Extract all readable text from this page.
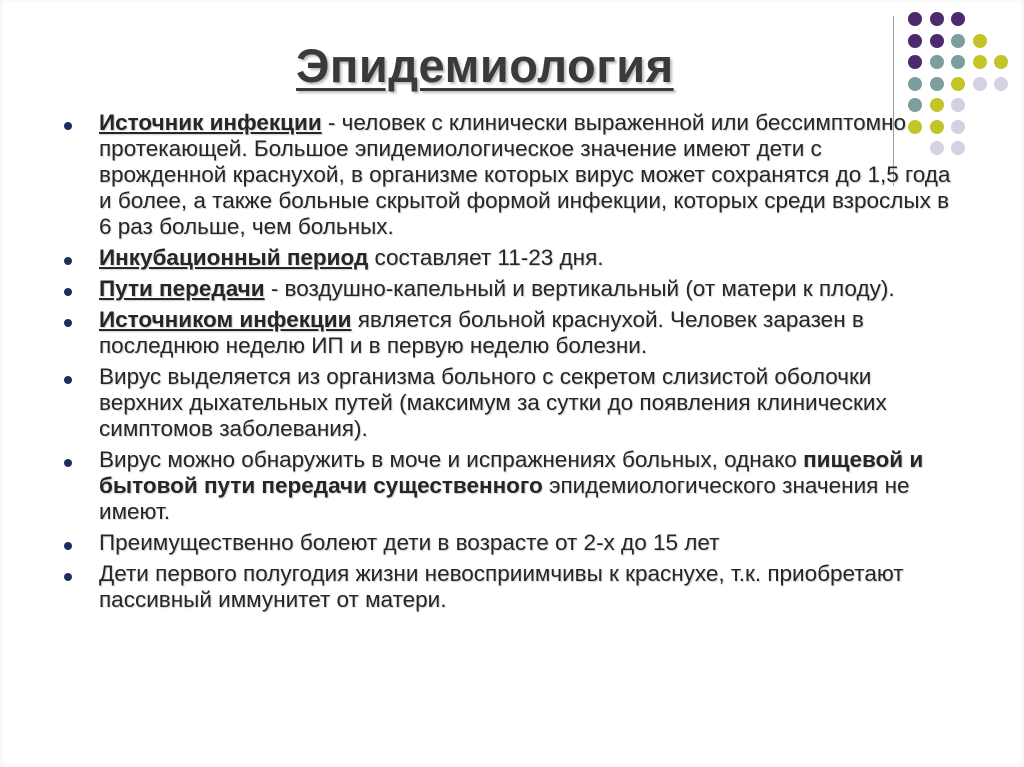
Эпидемиология
Источник инфекции - человек с клинически выраженной или бессимптомно протекающей. Большое эпидемиологическое значение имеют дети с врожденной краснухой, в организме которых вирус может сохранятся до 1,5 года и более, а также больные скрытой формой инфекции, которых среди взрослых в 6 раз больше, чем больных.
Инкубационный период составляет 11-23 дня.
Пути передачи - воздушно-капельный и вертикальный (от матери к плоду).
Источником инфекции является больной краснухой. Человек заразен в последнюю неделю ИП и в первую неделю болезни.
Вирус выделяется из организма больного с секретом слизистой оболочки верхних дыхательных путей (максимум за сутки до появления клинических симптомов заболевания).
Вирус можно обнаружить в моче и испражнениях больных, однако пищевой и бытовой пути передачи существенного эпидемиологического значения не имеют.
Преимущественно болеют дети в возрасте от 2-х до 15 лет
Дети первого полугодия жизни невосприимчивы к краснухе, т.к. приобретают пассивный иммунитет от матери.
